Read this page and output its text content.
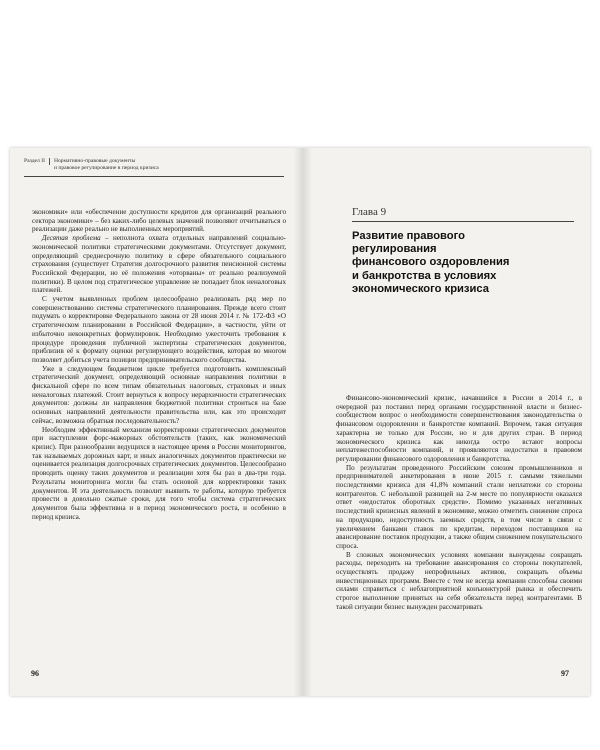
Раздел II Нормативно-правовые документы
и правовое регулирование в период кризиса

экономики» или «обеспечение доступности кредитов для организаций реального сектора экономики» – без каких-либо целевых значений позволяют отчитываться о реализации даже реально не выполненных мероприятий.

Десятая проблема – неполнота охвата отдельных направлений социально-экономической политики стратегическими документами. Отсутствует документ, определяющий среднесрочную политику в сфере обязательного социального страхования (существует Стратегия долгосрочного развития пенсионной системы Российской Федерации, но её положения «оторваны» от реально реализуемой политики). В целом под стратегическое управление не попадает блок неналоговых платежей.

С учетом выявленных проблем целесообразно реализовать ряд мер по совершенствованию системы стратегического планирования. Прежде всего стоит подумать о корректировке Федерального закона от 28 июня 2014 г. № 172-ФЗ «О стратегическом планировании в Российской Федерации», в частности, уйти от избыточно неконкретных формулировок. Необходимо ужесточить требования к процедуре проведения публичной экспертизы стратегических документов, приблизив её к формату оценки регулирующего воздействия, которая во многом позволяет добиться учета позиции предпринимательского сообщества.

Уже в следующем бюджетном цикле требуется подготовить комплексный стратегический документ, определяющий основные направления политики в фискальной сфере по всем типам обязательных налоговых, страховых и иных неналоговых платежей. Стоит вернуться к вопросу иерархичности стратегических документов: должны ли направления бюджетной политики строиться на базе основных направлений деятельности правительства или, как это происходит сейчас, возможна обратная последовательность?

Необходим эффективный механизм корректировки стратегических документов при наступлении форс-мажорных обстоятельств (таких, как экономический кризис). При разнообразии ведущихся в настоящее время в России мониторингов, так называемых дорожных карт, и иных аналогичных документов практически не оценивается реализация долгосрочных стратегических документов. Целесообразно проводить оценку таких документов и реализации хотя бы раз в два-три года. Результаты мониторинга могли бы стать основой для корректировки таких документов. И эта деятельность позволит выявить те работы, которую требуется провести в довольно сжатые сроки, для того чтобы система стратегических документов была эффективна и в период экономического роста, и особенно в период кризиса.

96
Глава 9
Развитие правового
регулирования
финансового оздоровления
и банкротства в условиях
экономического кризиса

Финансово-экономический кризис, начавшийся в России в 2014 г., в очередной раз поставил перед органами государственной власти и бизнес-сообществом вопрос о необходимости совершенствования законодательства о финансовом оздоровлении и банкротстве компаний. Впрочем, такая ситуация характерна не только для России, но и для других стран. В период экономического кризиса как никогда остро встают вопросы неплатежеспособности компаний, и проявляются недостатки в правовом регулировании финансового оздоровления и банкротства.

По результатам проведенного Российским союзом промышленников и предпринимателей анкетирования в июне 2015 г. самыми тяжелыми последствиями кризиса для 41,8% компаний стали неплатежи со стороны контрагентов. С небольшой разницей на 2-м месте по популярности оказался ответ «недостаток оборотных средств». Помимо указанных негативных последствий кризисных явлений в экономике, можно отметить снижение спроса на продукцию, недоступность заемных средств, в том числе в связи с увеличением банками ставок по кредитам, переходом поставщиков на авансирование поставок продукции, а также общим снижением покупательского спроса.

В сложных экономических условиях компании вынуждены сокращать расходы, переходить на требование авансирования со стороны покупателей, осуществлять продажу непрофильных активов, сокращать объемы инвестиционных программ. Вместе с тем не всегда компании способны своими силами справиться с неблагоприятной конъюнктурой рынка и обеспечить строгое выполнение принятых на себя обязательств перед контрагентами. В такой ситуации бизнес вынужден рассматривать

97
